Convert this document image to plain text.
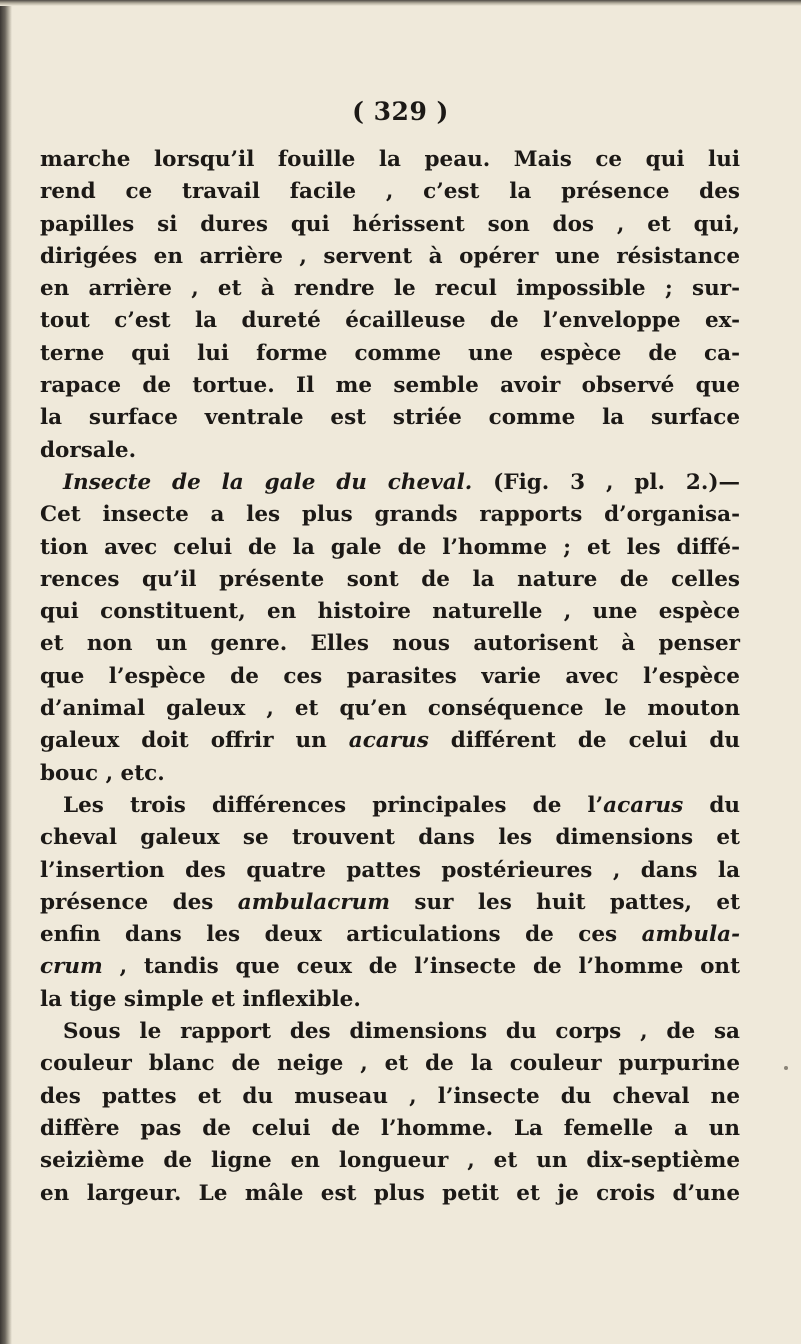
( 329 )
marche lorsqu’il fouille la peau. Mais ce qui lui
rend ce travail facile , c’est la présence des
papilles si dures qui hérissent son dos , et qui,
dirigées en arrière , servent à opérer une résistance
en arrière , et à rendre le recul impossible ; sur-
tout c’est la dureté écailleuse de l’enveloppe ex-
terne qui lui forme comme une espèce de ca-
rapace de tortue. Il me semble avoir observé que
la surface ventrale est striée comme la surface
dorsale.
Insecte de la gale du cheval. (Fig. 3 , pl. 2.)—
Cet insecte a les plus grands rapports d’organisa-
tion avec celui de la gale de l’homme ; et les diffé-
rences qu’il présente sont de la nature de celles
qui constituent, en histoire naturelle , une espèce
et non un genre. Elles nous autorisent à penser
que l’espèce de ces parasites varie avec l’espèce
d’animal galeux , et qu’en conséquence le mouton
galeux doit offrir un acarus différent de celui du
bouc , etc.
Les trois différences principales de l’acarus du
cheval galeux se trouvent dans les dimensions et
l’insertion des quatre pattes postérieures , dans la
présence des ambulacrum sur les huit pattes, et
enfin dans les deux articulations de ces ambula-
crum , tandis que ceux de l’insecte de l’homme ont
la tige simple et inflexible.
Sous le rapport des dimensions du corps , de sa
couleur blanc de neige , et de la couleur purpurine
des pattes et du museau , l’insecte du cheval ne
diffère pas de celui de l’homme. La femelle a un
seizième de ligne en longueur , et un dix-septième
en largeur. Le mâle est plus petit et je crois d’une
